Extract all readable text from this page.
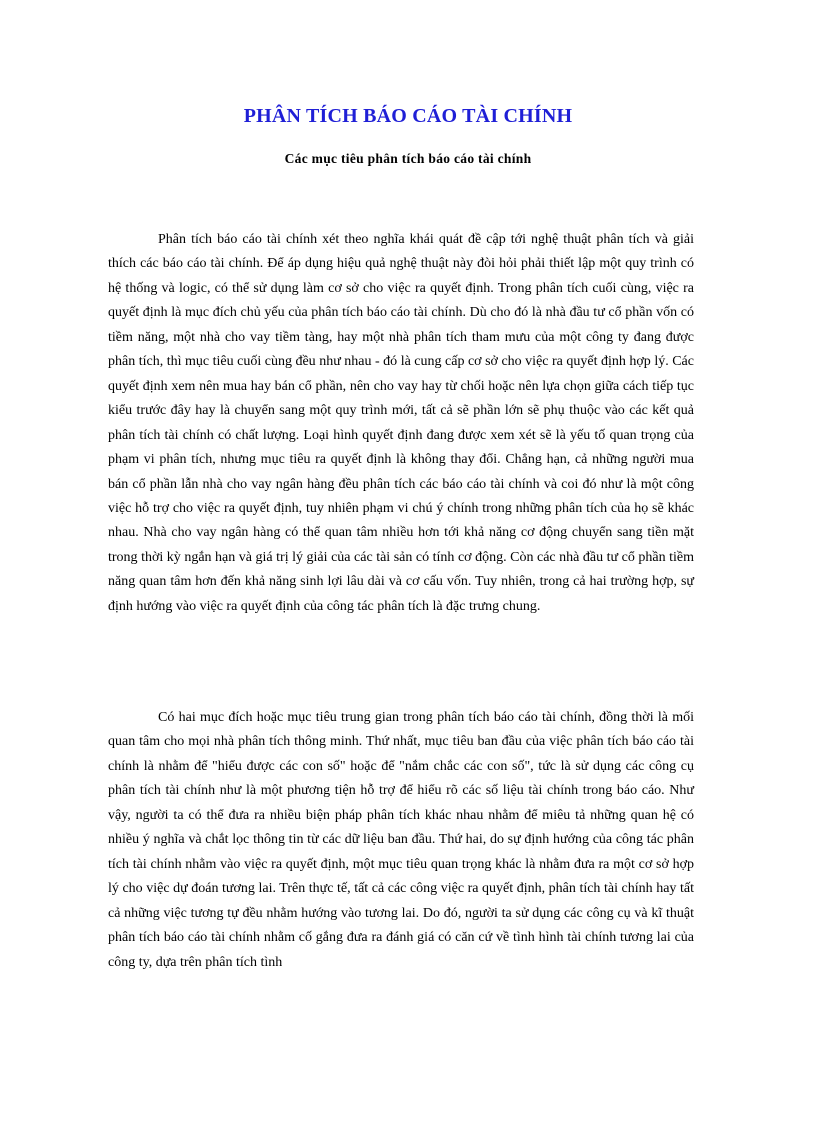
PHÂN TÍCH BÁO CÁO TÀI CHÍNH
Các mục tiêu phân tích báo cáo tài chính

Phân tích báo cáo tài chính xét theo nghĩa khái quát đề cập tới nghệ thuật phân tích và giải thích các báo cáo tài chính. Để áp dụng hiệu quả nghệ thuật này đòi hỏi phải thiết lập một quy trình có hệ thống và logic, có thể sử dụng làm cơ sở cho việc ra quyết định. Trong phân tích cuối cùng, việc ra quyết định là mục đích chủ yếu của phân tích báo cáo tài chính. Dù cho đó là nhà đầu tư cổ phần vốn có tiềm năng, một nhà cho vay tiềm tàng, hay một nhà phân tích tham mưu của một công ty đang được phân tích, thì mục tiêu cuối cùng đều như nhau - đó là cung cấp cơ sở cho việc ra quyết định hợp lý. Các quyết định xem nên mua hay bán cổ phần, nên cho vay hay từ chối hoặc nên lựa chọn giữa cách tiếp tục kiểu trước đây hay là chuyển sang một quy trình mới, tất cả sẽ phần lớn sẽ phụ thuộc vào các kết quả phân tích tài chính có chất lượng. Loại hình quyết định đang được xem xét sẽ là yếu tố quan trọng của phạm vi phân tích, nhưng mục tiêu ra quyết định là không thay đổi. Chẳng hạn, cả những người mua bán cổ phần lẫn nhà cho vay ngân hàng đều phân tích các báo cáo tài chính và coi đó như là một công việc hỗ trợ cho việc ra quyết định, tuy nhiên phạm vi chú ý chính trong những phân tích của họ sẽ khác nhau. Nhà cho vay ngân hàng có thể quan tâm nhiều hơn tới khả năng cơ động chuyển sang tiền mặt trong thời kỳ ngắn hạn và giá trị lý giải của các tài sản có tính cơ động. Còn các nhà đầu tư cổ phần tiềm năng quan tâm hơn đến khả năng sinh lợi lâu dài và cơ cấu vốn. Tuy nhiên, trong cả hai trường hợp, sự định hướng vào việc ra quyết định của công tác phân tích là đặc trưng chung.

Có hai mục đích hoặc mục tiêu trung gian trong phân tích báo cáo tài chính, đồng thời là mối quan tâm cho mọi nhà phân tích thông minh. Thứ nhất, mục tiêu ban đầu của việc phân tích báo cáo tài chính là nhằm để "hiểu được các con số" hoặc để "nắm chắc các con số", tức là sử dụng các công cụ phân tích tài chính như là một phương tiện hỗ trợ để hiểu rõ các số liệu tài chính trong báo cáo. Như vậy, người ta có thể đưa ra nhiều biện pháp phân tích khác nhau nhằm để miêu tả những quan hệ có nhiều ý nghĩa và chắt lọc thông tin từ các dữ liệu ban đầu. Thứ hai, do sự định hướng của công tác phân tích tài chính nhằm vào việc ra quyết định, một mục tiêu quan trọng khác là nhằm đưa ra một cơ sở hợp lý cho việc dự đoán tương lai. Trên thực tế, tất cả các công việc ra quyết định, phân tích tài chính hay tất cả những việc tương tự đều nhằm hướng vào tương lai. Do đó, người ta sử dụng các công cụ và kĩ thuật phân tích báo cáo tài chính nhằm cố gắng đưa ra đánh giá có căn cứ về tình hình tài chính tương lai của công ty, dựa trên phân tích tình
